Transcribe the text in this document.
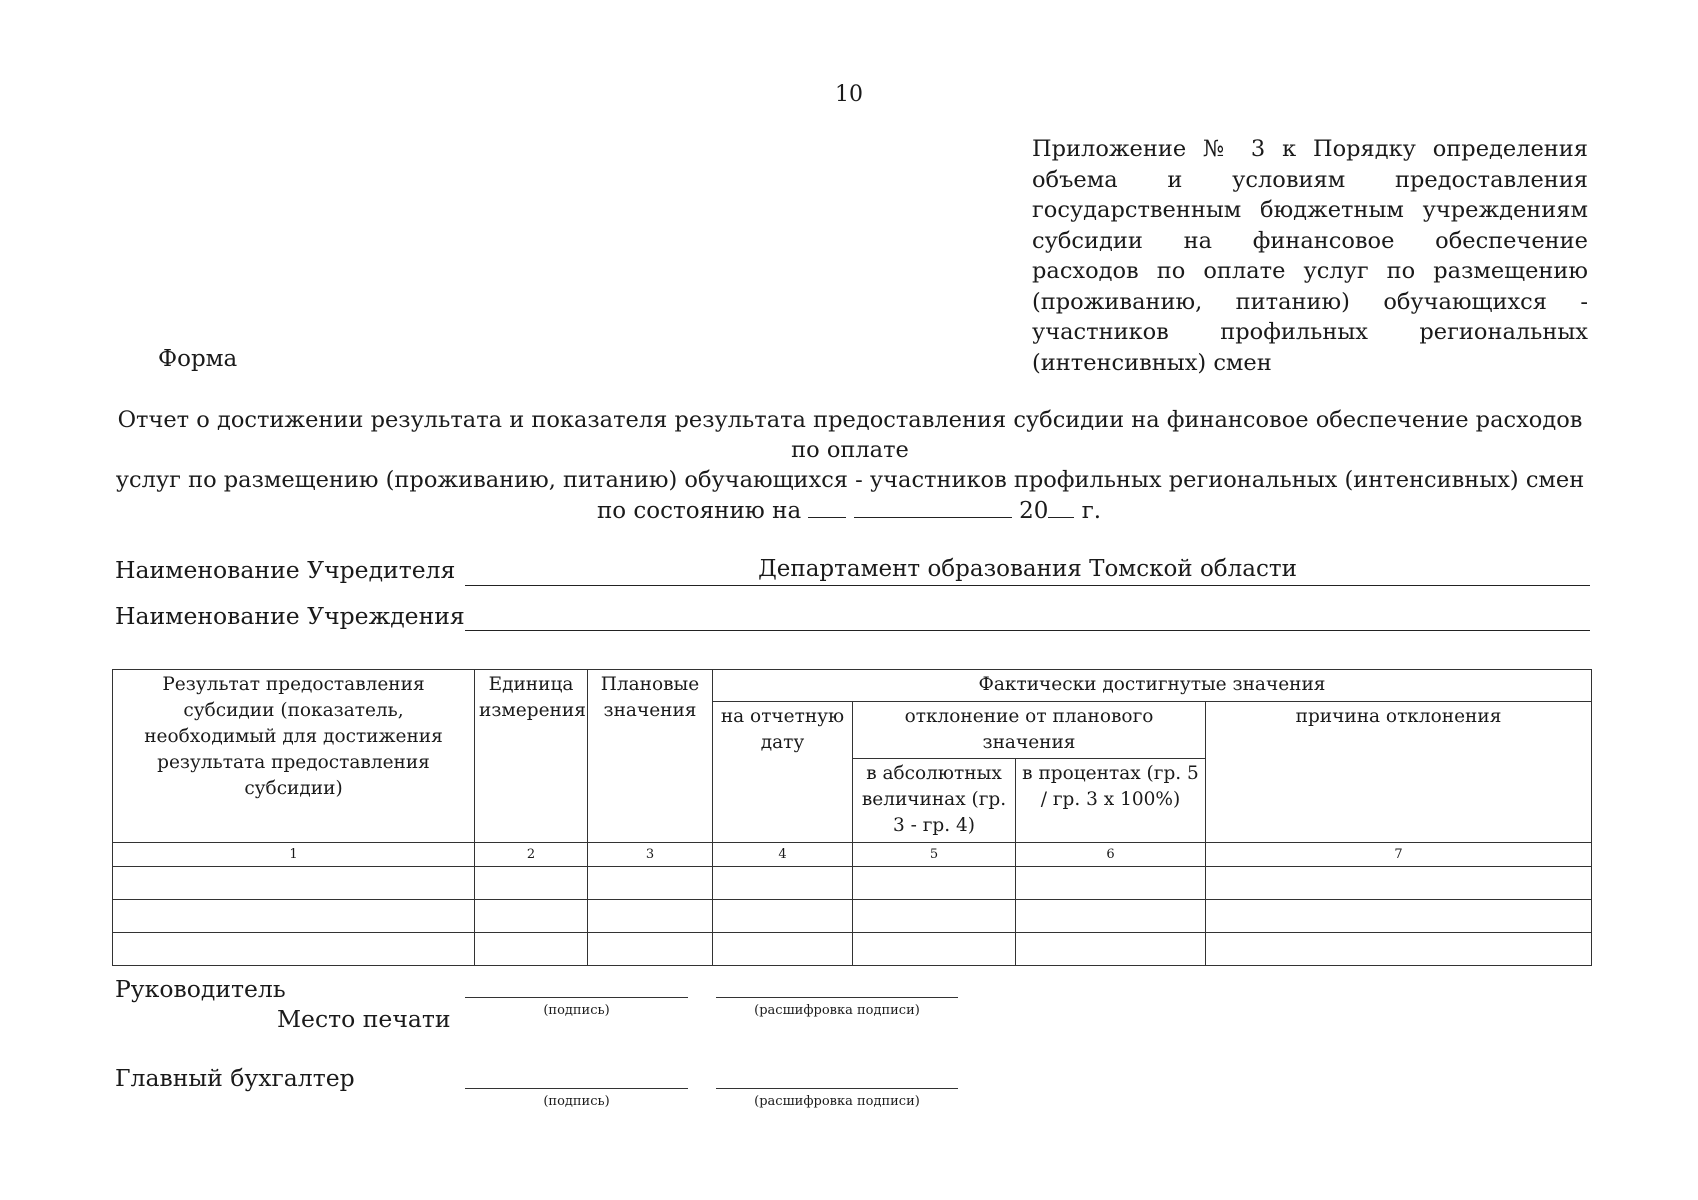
10
Приложение № 3 к Порядку определения объема и условиям предоставления государственным бюджетным учреждениям субсидии на финансовое обеспечение расходов по оплате услуг по размещению (проживанию, питанию) обучающихся - участников профильных региональных (интенсивных) смен
Форма
Отчет о достижении результата и показателя результата предоставления субсидии на финансовое обеспечение расходов по оплате
услуг по размещению (проживанию, питанию) обучающихся - участников профильных региональных (интенсивных) смен
по состоянию на	20 г.
Наименование Учредителя	Департамент образования Томской области
Наименование Учреждения
Результат предоставления субсидии (показатель, необходимый для достижения результата предоставления субсидии)	Единица измерения	Плановые значения	Фактически достигнутые значения			
			на отчетную дату	отклонение от планового значения		причина отклонения
				в абсолютных величинах (гр. 3 - гр. 4)	в процентах (гр. 5 / гр. 3 x 100%)	
1	2	3	4	5	6	7

Руководитель
Место печати	(подпись)	(расшифровка подписи)
Главный бухгалтер
(подпись)	(расшифровка подписи)
